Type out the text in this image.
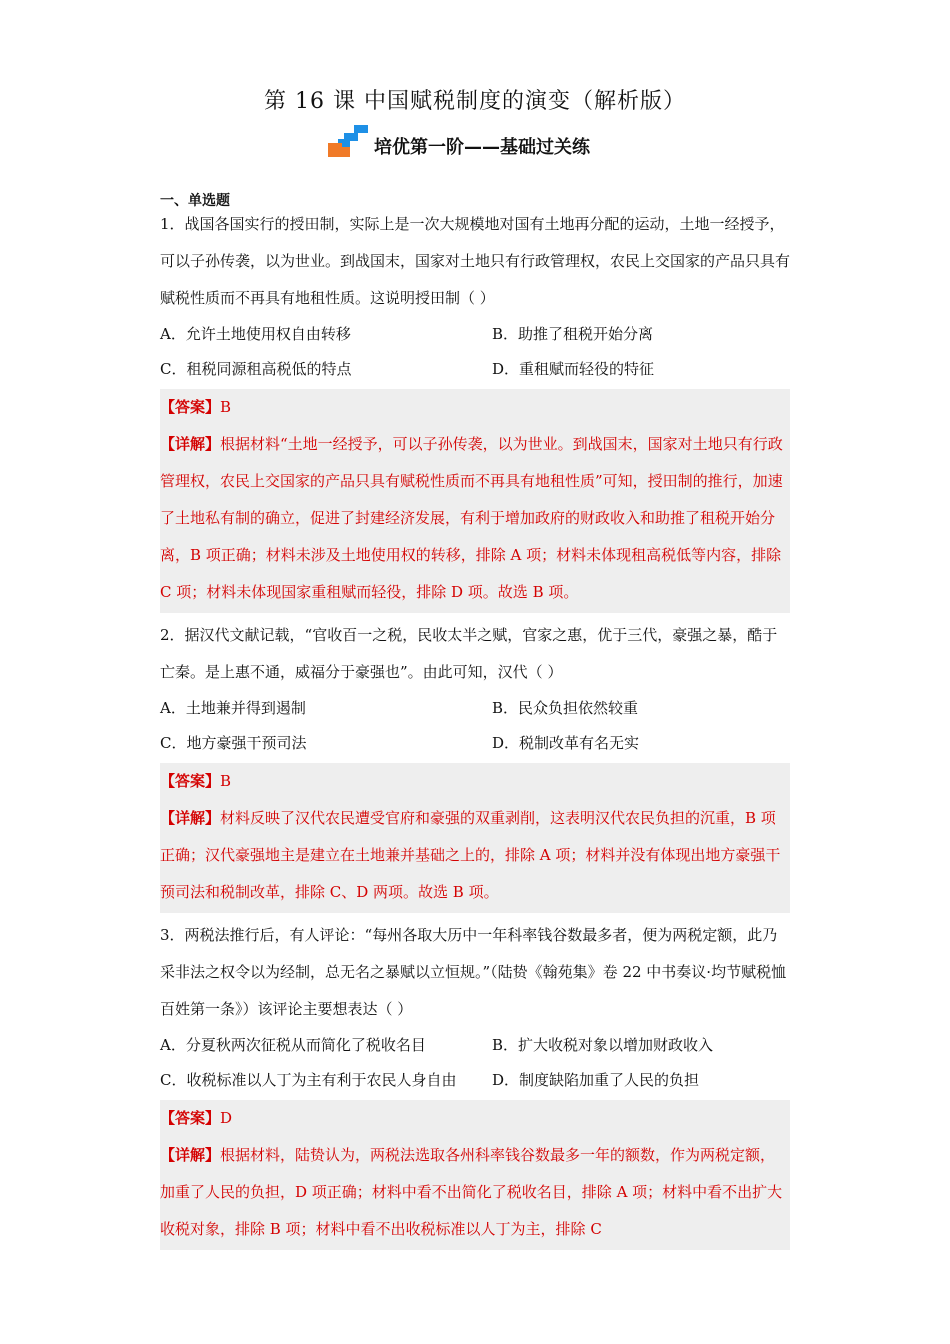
第 16 课 中国赋税制度的演变（解析版）
培优第一阶——基础过关练
一、单选题

1．战国各国实行的授田制，实际上是一次大规模地对国有土地再分配的运动，土地一经授予，可以子孙传袭，以为世业。到战国末，国家对土地只有行政管理权，农民上交国家的产品只具有赋税性质而不再具有地租性质。这说明授田制（ ）

A．允许土地使用权自由转移	B．助推了租税开始分离
C．租税同源租高税低的特点	D．重租赋而轻役的特征

【答案】B

【详解】根据材料“土地一经授予，可以子孙传袭，以为世业。到战国末，国家对土地只有行政管理权，农民上交国家的产品只具有赋税性质而不再具有地租性质”可知，授田制的推行，加速了土地私有制的确立，促进了封建经济发展，有利于增加政府的财政收入和助推了租税开始分离，B 项正确；材料未涉及土地使用权的转移，排除 A 项；材料未体现租高税低等内容，排除 C 项；材料未体现国家重租赋而轻役，排除 D 项。故选 B 项。

2．据汉代文献记载，“官收百一之税，民收太半之赋，官家之惠，优于三代，豪强之暴，酷于亡秦。是上惠不通，威福分于豪强也”。由此可知，汉代（ ）

A．土地兼并得到遏制	B．民众负担依然较重
C．地方豪强干预司法	D．税制改革有名无实

【答案】B

【详解】材料反映了汉代农民遭受官府和豪强的双重剥削，这表明汉代农民负担的沉重，B 项正确；汉代豪强地主是建立在土地兼并基础之上的，排除 A 项；材料并没有体现出地方豪强干预司法和税制改革，排除 C、D 两项。故选 B 项。

3．两税法推行后，有人评论：“每州各取大历中一年科率钱谷数最多者，便为两税定额，此乃采非法之权令以为经制，总无名之暴赋以立恒规。”（陆贽《翰苑集》卷 22 中书奏议·均节赋税恤百姓第一条》）该评论主要想表达（ ）

A．分夏秋两次征税从而简化了税收名目	B．扩大收税对象以增加财政收入
C．收税标准以人丁为主有利于农民人身自由	D．制度缺陷加重了人民的负担

【答案】D

【详解】根据材料，陆贽认为，两税法选取各州科率钱谷数最多一年的额数，作为两税定额，加重了人民的负担，D 项正确；材料中看不出简化了税收名目，排除 A 项；材料中看不出扩大收税对象，排除 B 项；材料中看不出收税标准以人丁为主，排除 C
